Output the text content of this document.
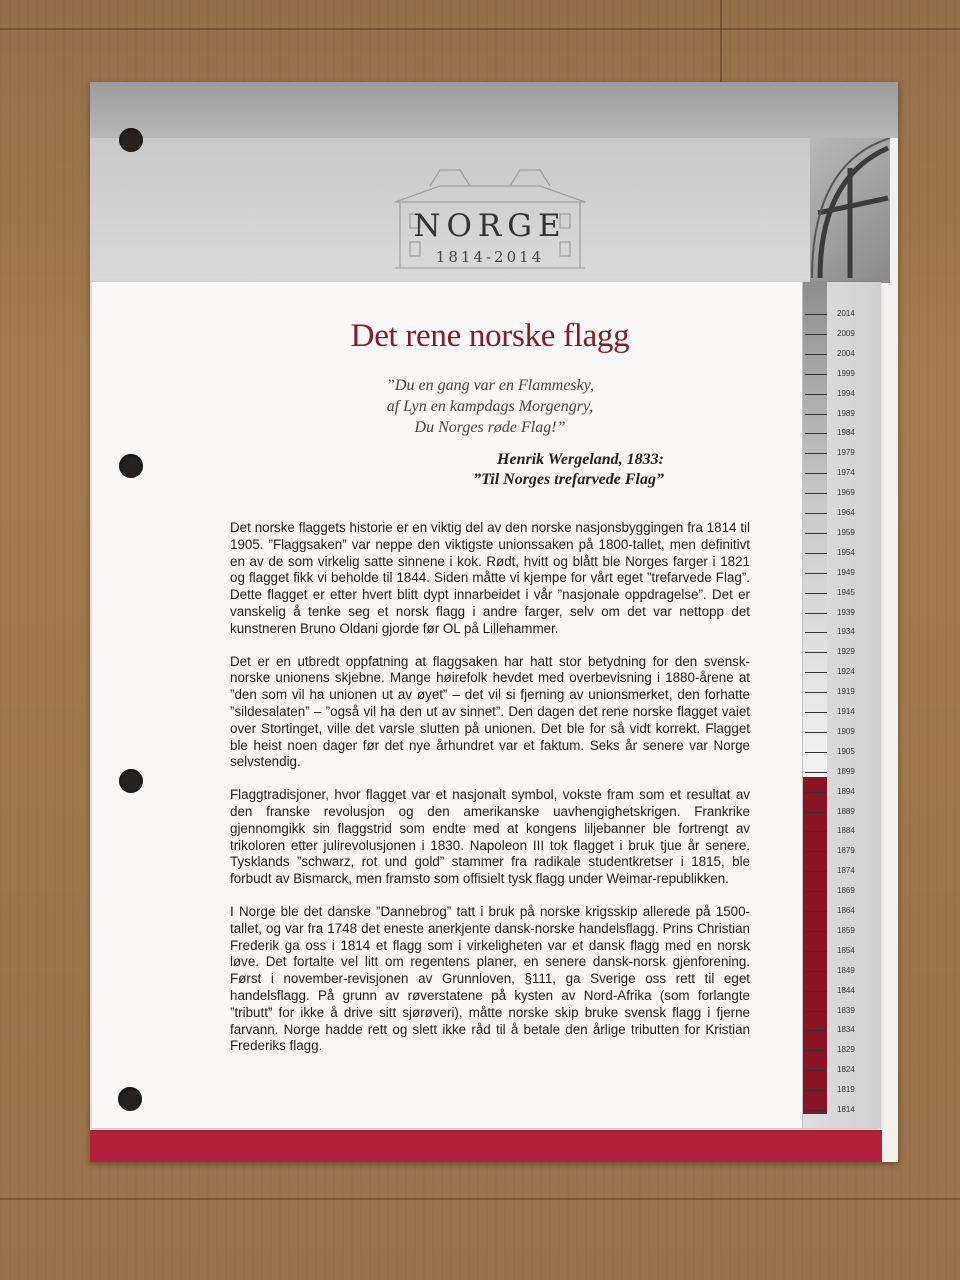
NORGE
1814-2014
Det rene norske flagg
”Du en gang var en Flammesky,
af Lyn en kampdags Morgengry,
Du Norges røde Flag!”
Henrik Wergeland, 1833:
”Til Norges trefarvede Flag”

Det norske flaggets historie er en viktig del av den norske nasjonsbyggingen fra 1814 til 1905. ”Flaggsaken” var neppe den viktigste unionssaken på 1800-tallet, men definitivt en av de som virkelig satte sinnene i kok. Rødt, hvitt og blått ble Norges farger i 1821 og flagget fikk vi beholde til 1844. Siden måtte vi kjempe for vårt eget ”trefarvede Flag”. Dette flagget er etter hvert blitt dypt innarbeidet i vår ”nasjonale oppdragelse”. Det er vanskelig å tenke seg et norsk flagg i andre farger, selv om det var nettopp det kunstneren Bruno Oldani gjorde før OL på Lillehammer.

Det er en utbredt oppfatning at flaggsaken har hatt stor betydning for den svensk-norske unionens skjebne. Mange høirefolk hevdet med overbevisning i 1880-årene at ”den som vil ha unionen ut av øyet” – det vil si fjerning av unionsmerket, den forhatte ”sildesalaten” – ”også vil ha den ut av sinnet”. Den dagen det rene norske flagget vaiet over Stortinget, ville det varsle slutten på unionen. Det ble for så vidt korrekt. Flagget ble heist noen dager før det nye århundret var et faktum. Seks år senere var Norge selvstendig.

Flaggtradisjoner, hvor flagget var et nasjonalt symbol, vokste fram som et resultat av den franske revolusjon og den amerikanske uavhengighetskrigen. Frankrike gjennomgikk sin flaggstrid som endte med at kongens liljebanner ble fortrengt av trikoloren etter julirevolusjonen i 1830. Napoleon III tok flagget i bruk tjue år senere. Tysklands ”schwarz, rot und gold” stammer fra radikale studentkretser i 1815, ble forbudt av Bismarck, men framsto som offisielt tysk flagg under Weimar-republikken.

I Norge ble det danske ”Dannebrog” tatt i bruk på norske krigsskip allerede på 1500-tallet, og var fra 1748 det eneste anerkjente dansk-norske handelsflagg. Prins Christian Frederik ga oss i 1814 et flagg som i virkeligheten var et dansk flagg med en norsk løve. Det fortalte vel litt om regentens planer, en senere dansk-norsk gjenforening. Først i november-revisjonen av Grunnloven, §111, ga Sverige oss rett til eget handelsflagg. På grunn av røverstatene på kysten av Nord-Afrika (som forlangte ”tributt” for ikke å drive sitt sjørøveri), måtte norske skip bruke svensk flagg i fjerne farvann. Norge hadde rett og slett ikke råd til å betale den årlige tributten for Kristian Frederiks flagg.

2014
2009
2004
1999
1994
1989
1984
1979
1974
1969
1964
1959
1954
1949
1945
1939
1934
1929
1924
1919
1914
1909
1905
1899
1894
1889
1884
1879
1874
1869
1864
1859
1854
1849
1844
1839
1834
1829
1824
1819
1814
